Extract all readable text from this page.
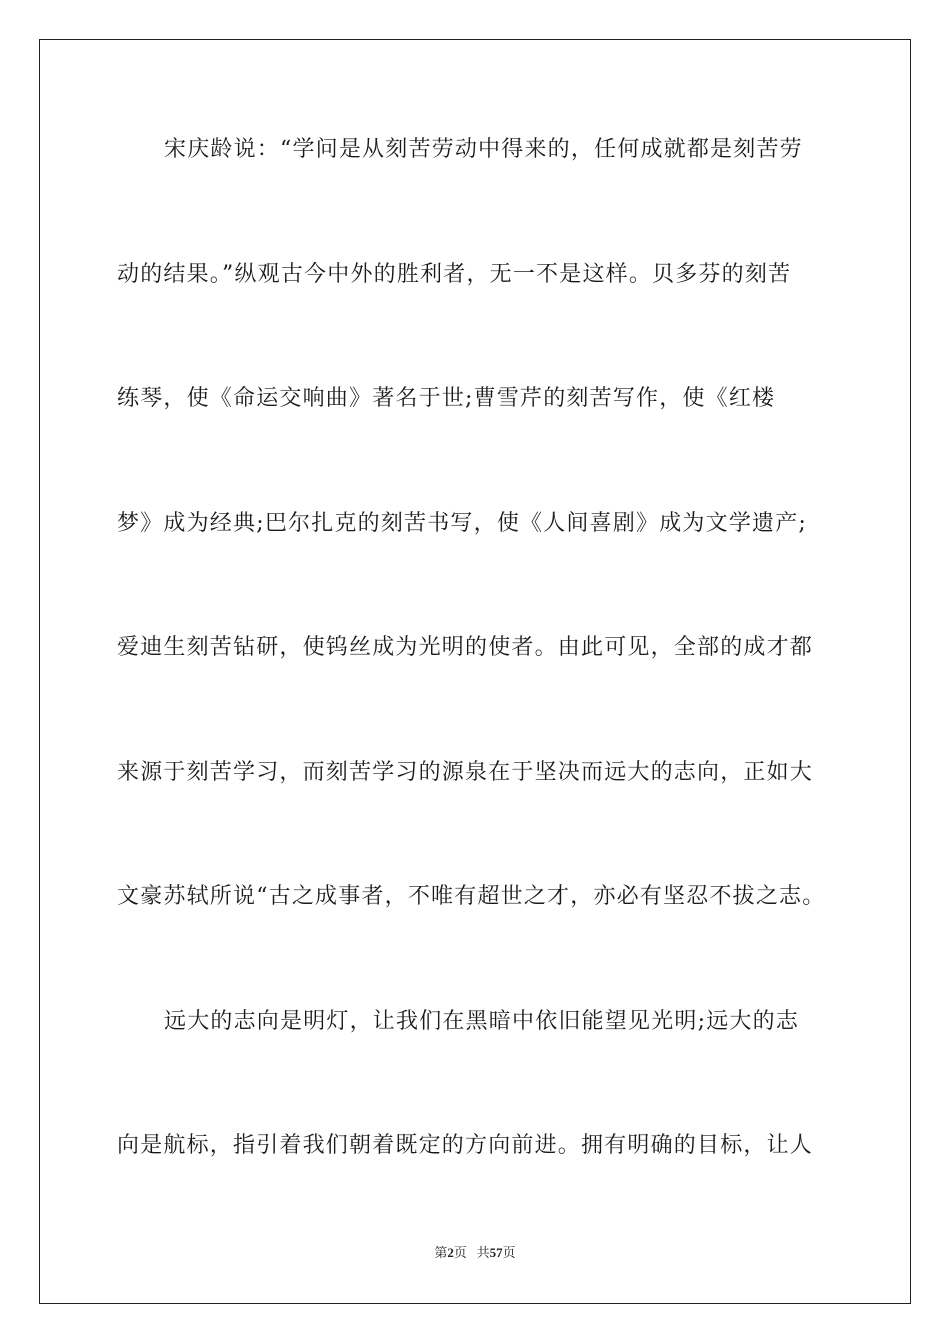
宋庆龄说：“学问是从刻苦劳动中得来的，任何成就都是刻苦劳
动的结果。”纵观古今中外的胜利者，无一不是这样。贝多芬的刻苦
练琴，使《命运交响曲》著名于世;曹雪芹的刻苦写作，使《红楼
梦》成为经典;巴尔扎克的刻苦书写，使《人间喜剧》成为文学遗产;
爱迪生刻苦钻研，使钨丝成为光明的使者。由此可见，全部的成才都
来源于刻苦学习，而刻苦学习的源泉在于坚决而远大的志向，正如大
文豪苏轼所说“古之成事者，不唯有超世之才，亦必有坚忍不拔之志。
远大的志向是明灯，让我们在黑暗中依旧能望见光明;远大的志
向是航标，指引着我们朝着既定的方向前进。拥有明确的目标，让人
第2页 共57页
